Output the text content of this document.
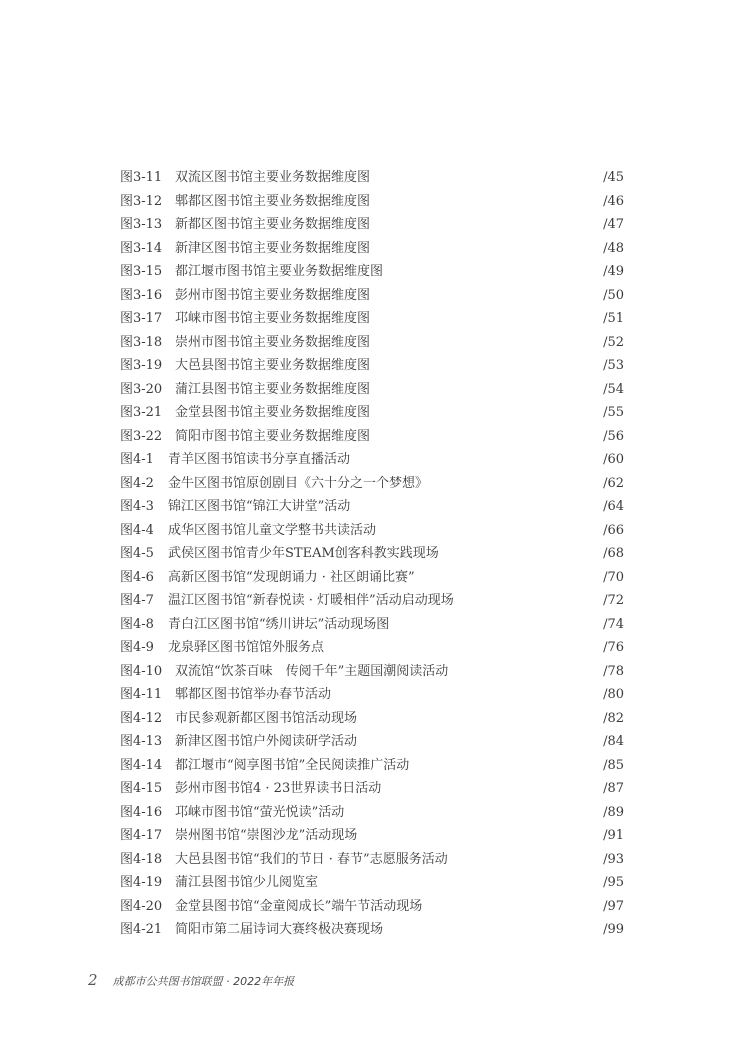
图3-11 双流区图书馆主要业务数据维度图	/45
图3-12 郫都区图书馆主要业务数据维度图	/46
图3-13 新都区图书馆主要业务数据维度图	/47
图3-14 新津区图书馆主要业务数据维度图	/48
图3-15 都江堰市图书馆主要业务数据维度图	/49
图3-16 彭州市图书馆主要业务数据维度图	/50
图3-17 邛崃市图书馆主要业务数据维度图	/51
图3-18 崇州市图书馆主要业务数据维度图	/52
图3-19 大邑县图书馆主要业务数据维度图	/53
图3-20 蒲江县图书馆主要业务数据维度图	/54
图3-21 金堂县图书馆主要业务数据维度图	/55
图3-22 简阳市图书馆主要业务数据维度图	/56
图4-1 青羊区图书馆读书分享直播活动	/60
图4-2 金牛区图书馆原创剧目《六十分之一个梦想》	/62
图4-3 锦江区图书馆“锦江大讲堂”活动	/64
图4-4 成华区图书馆儿童文学整书共读活动	/66
图4-5 武侯区图书馆青少年STEAM创客科教实践现场	/68
图4-6 高新区图书馆“发现朗诵力 · 社区朗诵比赛”	/70
图4-7 温江区图书馆“新春悦读 · 灯暖相伴”活动启动现场	/72
图4-8 青白江区图书馆“绣川讲坛”活动现场图	/74
图4-9 龙泉驿区图书馆馆外服务点	/76
图4-10 双流馆“饮茶百味　传阅千年”主题国潮阅读活动	/78
图4-11 郫都区图书馆举办春节活动	/80
图4-12 市民参观新都区图书馆活动现场	/82
图4-13 新津区图书馆户外阅读研学活动	/84
图4-14 都江堰市“阅享图书馆”全民阅读推广活动	/85
图4-15 彭州市图书馆4 · 23世界读书日活动	/87
图4-16 邛崃市图书馆“萤光悦读”活动	/89
图4-17 崇州图书馆“崇图沙龙”活动现场	/91
图4-18 大邑县图书馆“我们的节日 · 春节”志愿服务活动	/93
图4-19 蒲江县图书馆少儿阅览室	/95
图4-20 金堂县图书馆“金童阅成长”端午节活动现场	/97
图4-21 简阳市第二届诗词大赛终极决赛现场	/99
2 成都市公共图书馆联盟 · 2022年年报
